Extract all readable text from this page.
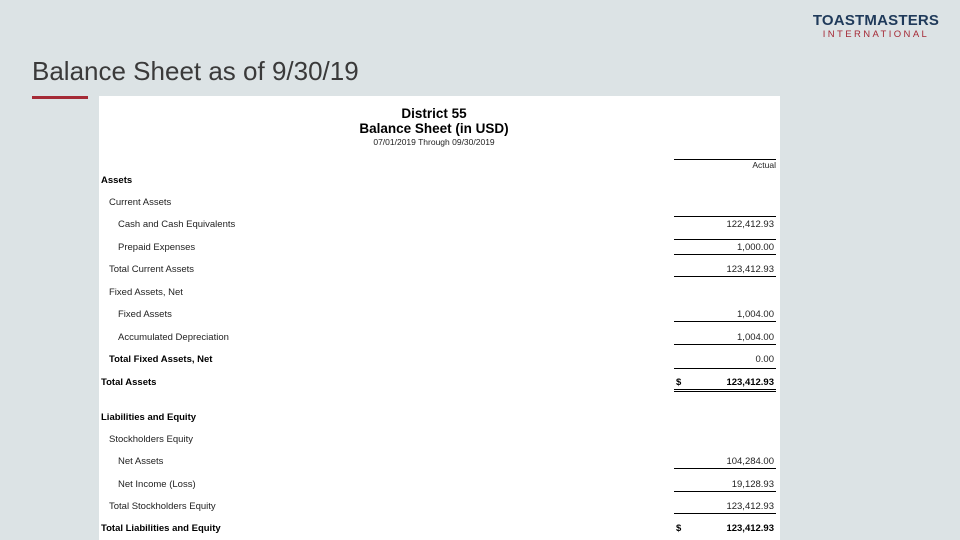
TOASTMASTERS
INTERNATIONAL
Balance Sheet as of 9/30/19
District 55
Balance Sheet (in USD)
07/01/2019 Through 09/30/2019
Actual
Assets
Current Assets
Cash and Cash Equivalents	122,412.93
Prepaid Expenses	1,000.00
Total Current Assets	123,412.93
Fixed Assets, Net
Fixed Assets	1,004.00
Accumulated Depreciation	1,004.00
Total Fixed Assets, Net	0.00
Total Assets	$	123,412.93
Liabilities and Equity
Stockholders Equity
Net Assets	104,284.00
Net Income (Loss)	19,128.93
Total Stockholders Equity	123,412.93
Total Liabilities and Equity	$	123,412.93
